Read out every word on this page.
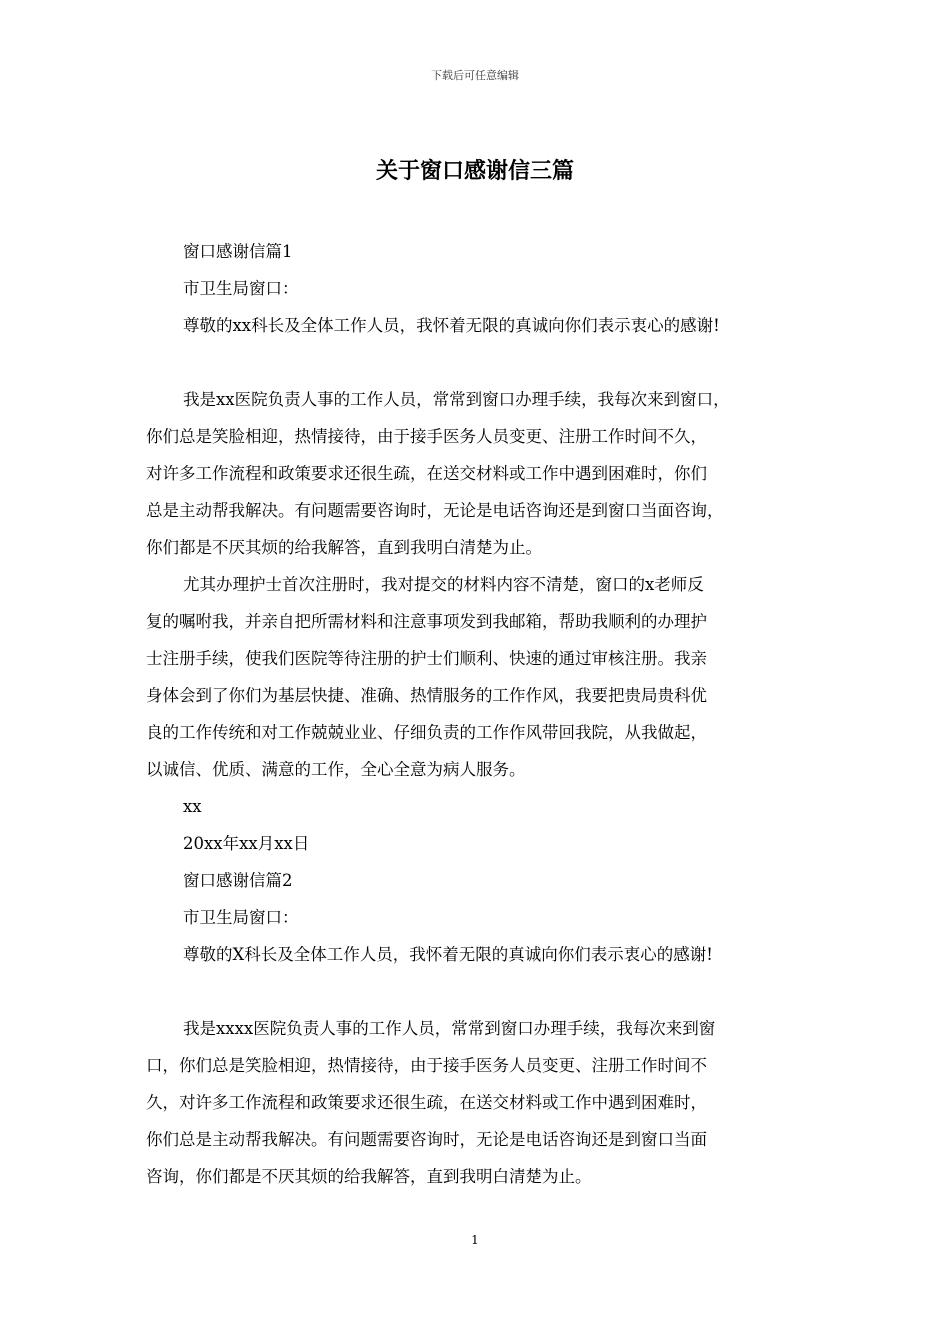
下载后可任意编辑
关于窗口感谢信三篇
窗口感谢信篇1
市卫生局窗口：
尊敬的xx科长及全体工作人员，我怀着无限的真诚向你们表示衷心的感谢!
我是xx医院负责人事的工作人员，常常到窗口办理手续，我每次来到窗口，
你们总是笑脸相迎，热情接待，由于接手医务人员变更、注册工作时间不久，
对许多工作流程和政策要求还很生疏，在送交材料或工作中遇到困难时，你们
总是主动帮我解决。有问题需要咨询时，无论是电话咨询还是到窗口当面咨询，
你们都是不厌其烦的给我解答，直到我明白清楚为止。
尤其办理护士首次注册时，我对提交的材料内容不清楚，窗口的x老师反
复的嘱咐我，并亲自把所需材料和注意事项发到我邮箱，帮助我顺利的办理护
士注册手续，使我们医院等待注册的护士们顺利、快速的通过审核注册。我亲
身体会到了你们为基层快捷、准确、热情服务的工作作风，我要把贵局贵科优
良的工作传统和对工作兢兢业业、仔细负责的工作作风带回我院，从我做起，
以诚信、优质、满意的工作，全心全意为病人服务。
xx
20xx年xx月xx日
窗口感谢信篇2
市卫生局窗口：
尊敬的X科长及全体工作人员，我怀着无限的真诚向你们表示衷心的感谢!
我是xxxx医院负责人事的工作人员，常常到窗口办理手续，我每次来到窗
口，你们总是笑脸相迎，热情接待，由于接手医务人员变更、注册工作时间不
久，对许多工作流程和政策要求还很生疏，在送交材料或工作中遇到困难时，
你们总是主动帮我解决。有问题需要咨询时，无论是电话咨询还是到窗口当面
咨询，你们都是不厌其烦的给我解答，直到我明白清楚为止。
1
